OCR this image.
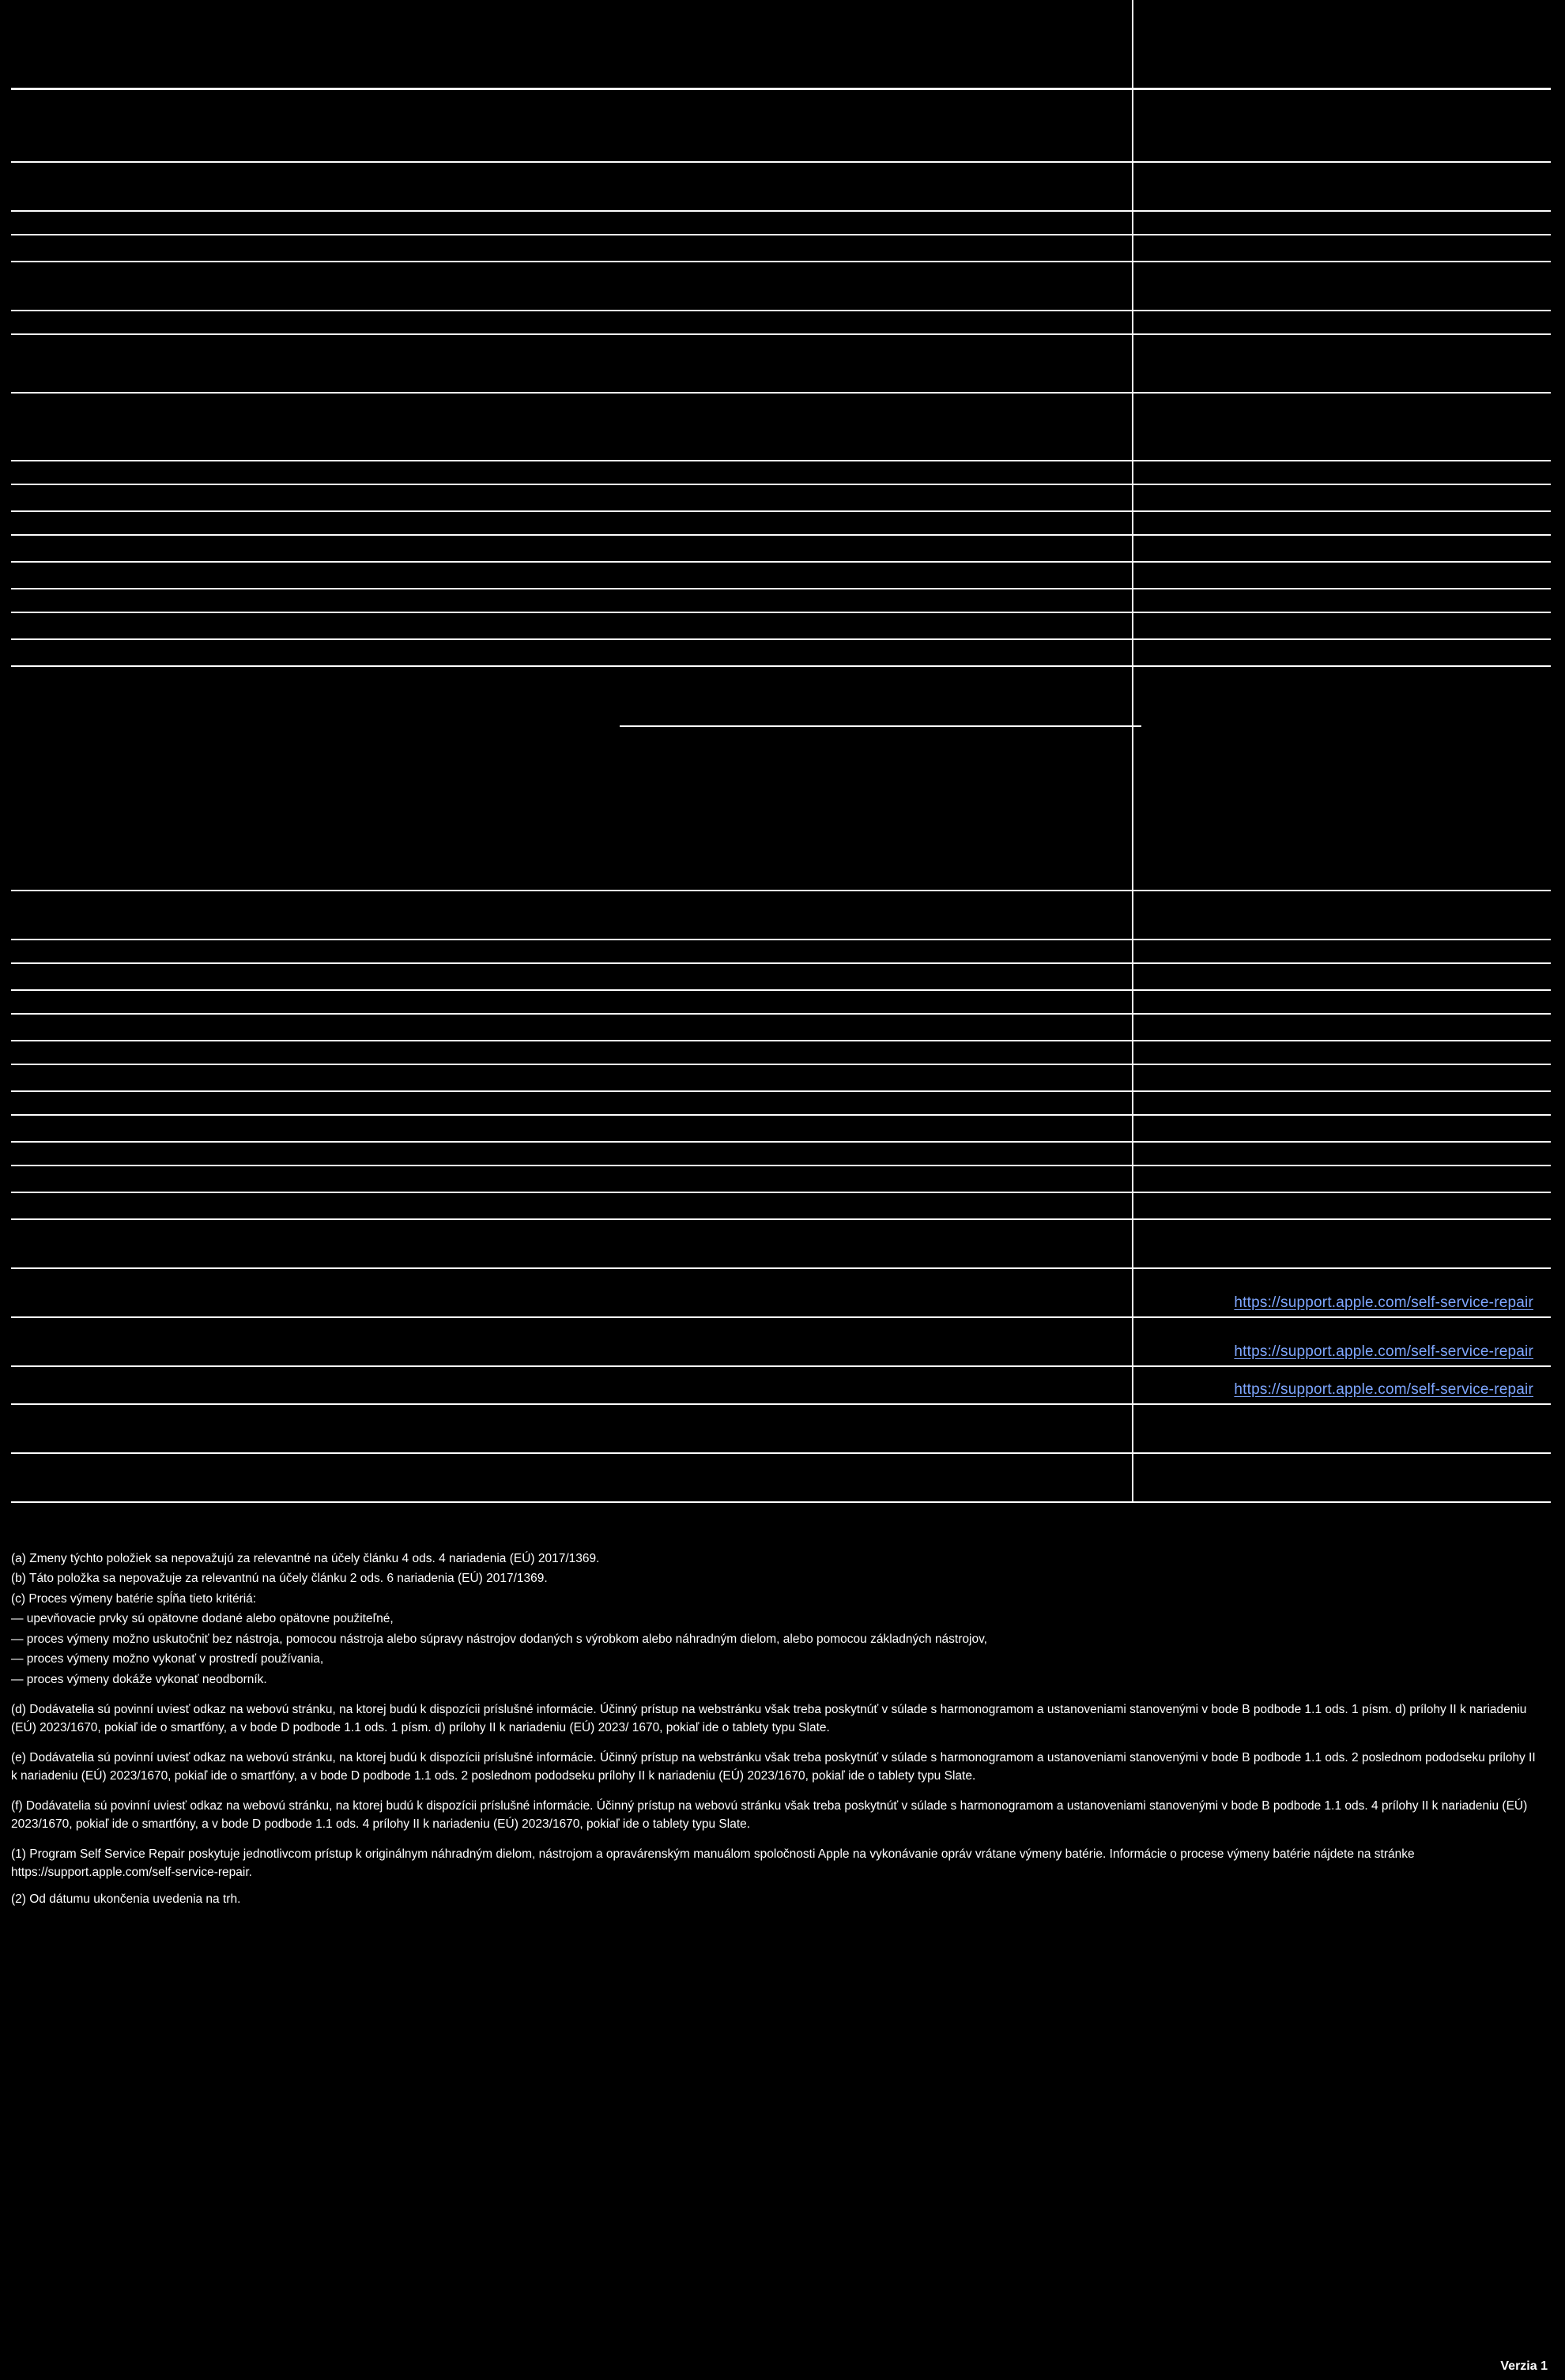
https://support.apple.com/self-service-repair
https://support.apple.com/self-service-repair
https://support.apple.com/self-service-repair

(a) Zmeny týchto položiek sa nepovažujú za relevantné na účely článku 4 ods. 4 nariadenia (EÚ) 2017/1369.

(b) Táto položka sa nepovažuje za relevantnú na účely článku 2 ods. 6 nariadenia (EÚ) 2017/1369.

(c) Proces výmeny batérie spĺňa tieto kritériá:

— upevňovacie prvky sú opätovne dodané alebo opätovne použiteľné,

— proces výmeny možno uskutočniť bez nástroja, pomocou nástroja alebo súpravy nástrojov dodaných s výrobkom alebo náhradným dielom, alebo pomocou základných nástrojov,

— proces výmeny možno vykonať v prostredí používania,

— proces výmeny dokáže vykonať neodborník.

(d) Dodávatelia sú povinní uviesť odkaz na webovú stránku, na ktorej budú k dispozícii príslušné informácie. Účinný prístup na webstránku však treba poskytnúť v súlade s harmonogramom a ustanoveniami stanovenými v bode B podbode 1.1 ods. 1 písm. d) prílohy II k nariadeniu (EÚ) 2023/1670, pokiaľ ide o smartfóny, a v bode D podbode 1.1 ods. 1 písm. d) prílohy II k nariadeniu (EÚ) 2023/ 1670, pokiaľ ide o tablety typu Slate.

(e) Dodávatelia sú povinní uviesť odkaz na webovú stránku, na ktorej budú k dispozícii príslušné informácie. Účinný prístup na webstránku však treba poskytnúť v súlade s harmonogramom a ustanoveniami stanovenými v bode B podbode 1.1 ods. 2 poslednom pododseku prílohy II k nariadeniu (EÚ) 2023/1670, pokiaľ ide o smartfóny, a v bode D podbode 1.1 ods. 2 poslednom pododseku prílohy II k nariadeniu (EÚ) 2023/1670, pokiaľ ide o tablety typu Slate.

(f) Dodávatelia sú povinní uviesť odkaz na webovú stránku, na ktorej budú k dispozícii príslušné informácie. Účinný prístup na webovú stránku však treba poskytnúť v súlade s harmonogramom a ustanoveniami stanovenými v bode B podbode 1.1 ods. 4 prílohy II k nariadeniu (EÚ) 2023/1670, pokiaľ ide o smartfóny, a v bode D podbode 1.1 ods. 4 prílohy II k nariadeniu (EÚ) 2023/1670, pokiaľ ide o tablety typu Slate.

(1) Program Self Service Repair poskytuje jednotlivcom prístup k originálnym náhradným dielom, nástrojom a opravárenským manuálom spoločnosti Apple na vykonávanie opráv vrátane výmeny batérie. Informácie o procese výmeny batérie nájdete na stránke https://support.apple.com/self-service-repair.

(2) Od dátumu ukončenia uvedenia na trh.

Verzia 1
